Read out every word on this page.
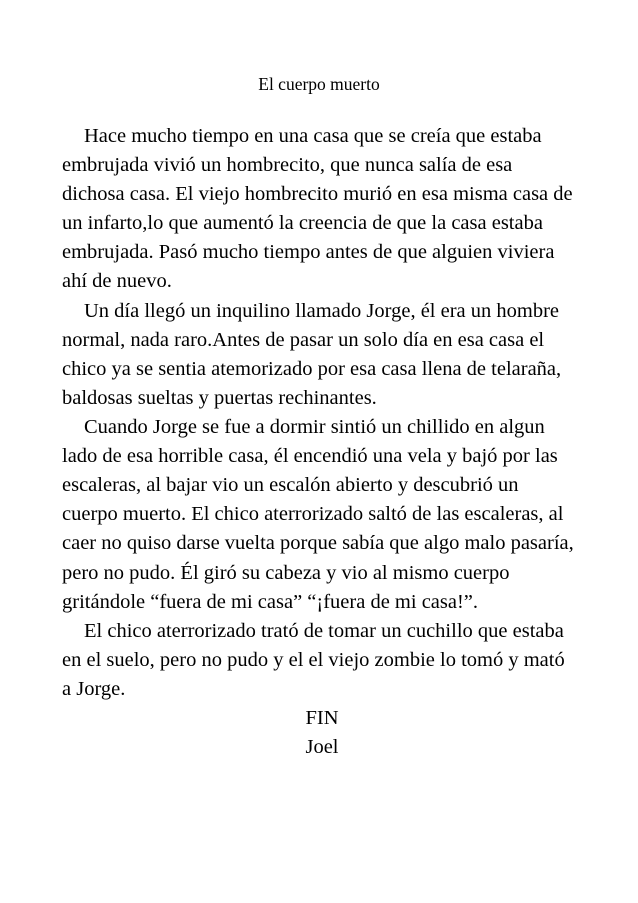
El cuerpo muerto

Hace mucho tiempo en una casa que se creía que estaba embrujada vivió un hombrecito, que nunca salía de esa dichosa casa. El viejo hombrecito murió en esa misma casa de un infarto,lo que aumentó la creencia de que la casa estaba embrujada. Pasó mucho tiempo antes de que alguien viviera ahí de nuevo.

Un día llegó un inquilino llamado Jorge, él era un hombre normal, nada raro.Antes de pasar un solo día en esa casa el chico ya se sentia atemorizado por esa casa llena de telaraña, baldosas sueltas y puertas rechinantes.

Cuando Jorge se fue a dormir sintió un chillido en algun lado de esa horrible casa, él encendió una vela y bajó por las escaleras, al bajar vio un escalón abierto y descubrió un cuerpo muerto. El chico aterrorizado saltó de las escaleras, al caer no quiso darse vuelta porque sabía que algo malo pasaría, pero no pudo. Él giró su cabeza y vio al mismo cuerpo gritándole “fuera de mi casa” “¡fuera de mi casa!”.

El chico aterrorizado trató de tomar un cuchillo que estaba en el suelo, pero no pudo y el el viejo zombie lo tomó y mató a Jorge.

FIN

Joel
